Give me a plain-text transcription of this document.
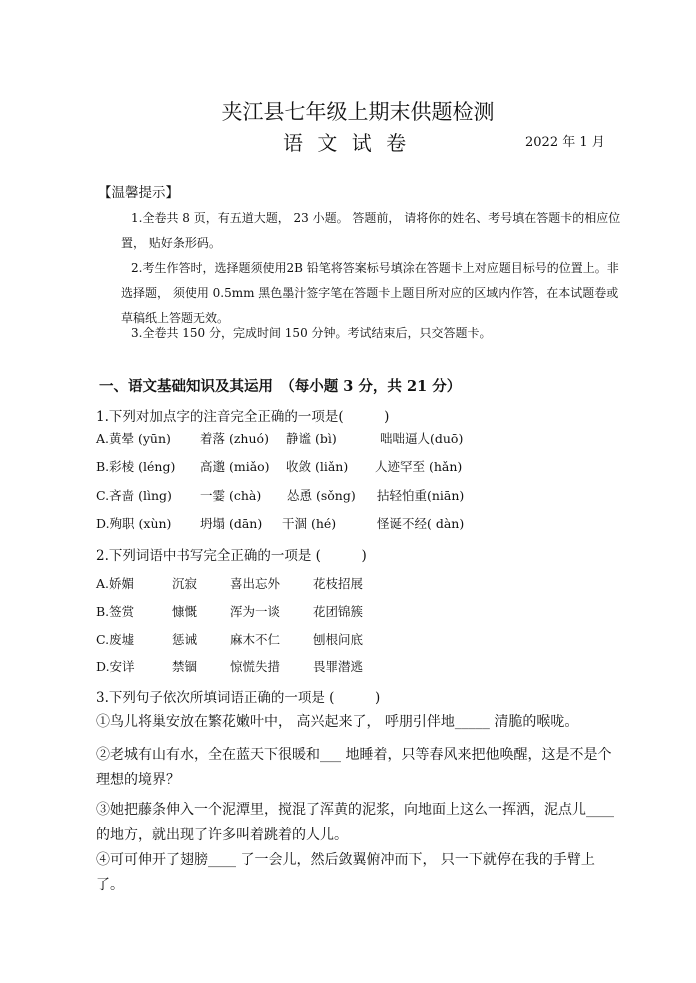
夹江县七年级上期末供题检测
语 文 试 卷	2022 年 1 月
【温馨提示】
1.全卷共 8 页，有五道大题， 23 小题。 答题前， 请将你的姓名、考号填在答题卡的相应位置， 贴好条形码。
2.考生作答时，选择题须使用2B 铅笔将答案标号填涂在答题卡上对应题目标号的位置上。非选择题， 须使用 0.5mm 黑色墨汁签字笔在答题卡上题目所对应的区域内作答，在本试题卷或草稿纸上答题无效。
3.全卷共 150 分，完成时间 150 分钟。考试结束后，只交答题卡。
一、语文基础知识及其运用　（每小题 3 分，共 21 分）
1.下列对加点字的注音完全正确的一项是(　　　)
A.黄晕 (yūn) 着落 (zhuó) 静谧 (bì)	咄咄逼人(duō)
B.彩棱 (léng) 高邈 (miǎo) 收敛 (liǎn) 人迹罕至 (hǎn)
C.吝啬 (lìng) 一霎 (chà) 怂恿 (sǒng) 拈轻怕重(niān)
D.殉职 (xùn) 坍塌 (dān) 干涸 (hé)	怪诞不经( dàn)
2.下列词语中书写完全正确的一项是 (　　　)
A.娇媚	沉寂	喜出忘外	花枝招展
B.签赏	慷慨	浑为一谈	花团锦簇
C.废墟	惩诫	麻木不仁	刨根问底
D.安详	禁锢	惊慌失措	畏罪潜逃
3.下列句子依次所填词语正确的一项是 (　　　)
①鸟儿将巢安放在繁花嫩叶中， 高兴起来了， 呼朋引伴地_____ 清脆的喉咙。
②老城有山有水，全在蓝天下很暖和___ 地睡着，只等春风来把他唤醒，这是不是个理想的境界？
③她把藤条伸入一个泥潭里，搅混了浑黄的泥浆，向地面上这么一挥洒，泥点儿____ 的地方，就出现了许多叫着跳着的人儿。
④可可伸开了翅膀____ 了一会儿，然后敛翼俯冲而下， 只一下就停在我的手臂上了。
